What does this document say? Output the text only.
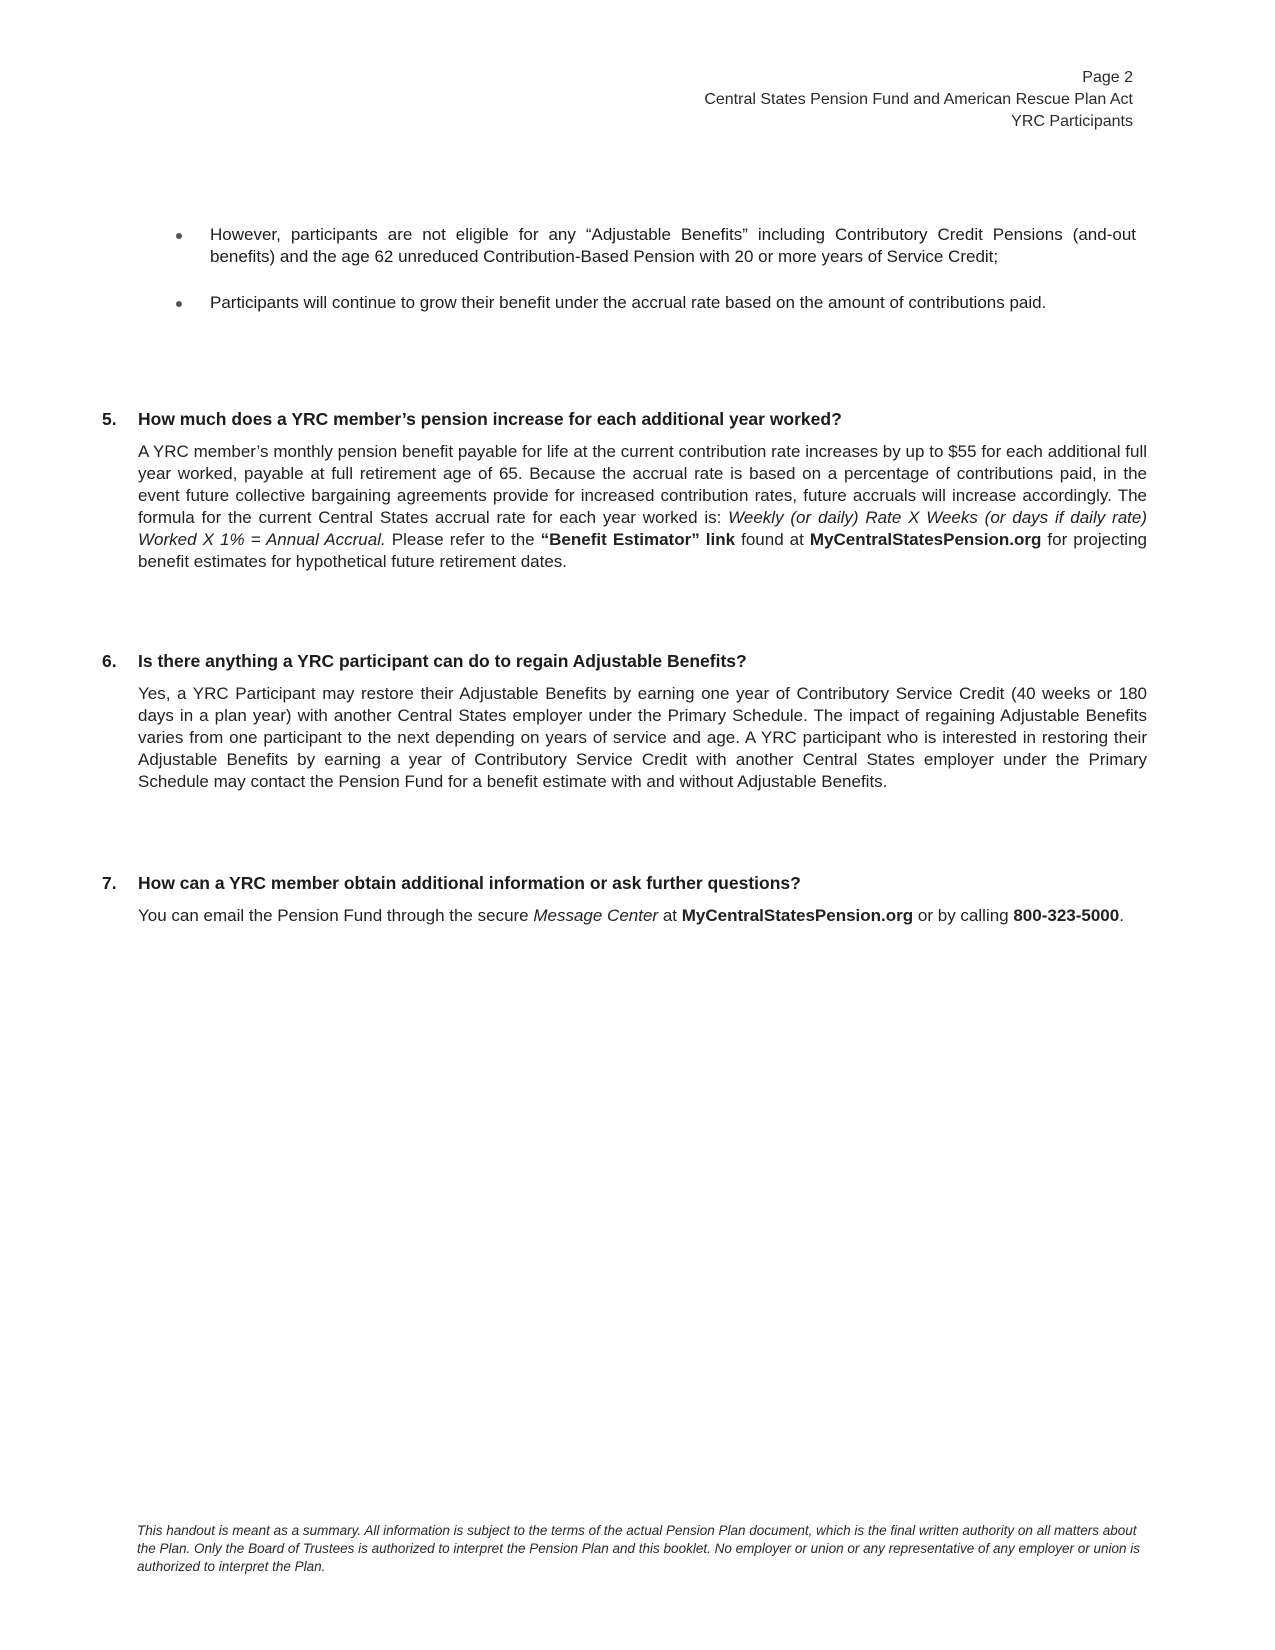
Page 2
Central States Pension Fund and American Rescue Plan Act
YRC Participants
However, participants are not eligible for any “Adjustable Benefits” including Contributory Credit Pensions (and-out benefits) and the age 62 unreduced Contribution-Based Pension with 20 or more years of Service Credit;
Participants will continue to grow their benefit under the accrual rate based on the amount of contributions paid.
5.	How much does a YRC member’s pension increase for each additional year worked?
A YRC member’s monthly pension benefit payable for life at the current contribution rate increases by up to $55 for each additional full year worked, payable at full retirement age of 65. Because the accrual rate is based on a percentage of contributions paid, in the event future collective bargaining agreements provide for increased contribution rates, future accruals will increase accordingly. The formula for the current Central States accrual rate for each year worked is: Weekly (or daily) Rate X Weeks (or days if daily rate) Worked X 1% = Annual Accrual. Please refer to the “Benefit Estimator” link found at MyCentralStatesPension.org for projecting benefit estimates for hypothetical future retirement dates.
6.	Is there anything a YRC participant can do to regain Adjustable Benefits?
Yes, a YRC Participant may restore their Adjustable Benefits by earning one year of Contributory Service Credit (40 weeks or 180 days in a plan year) with another Central States employer under the Primary Schedule. The impact of regaining Adjustable Benefits varies from one participant to the next depending on years of service and age. A YRC participant who is interested in restoring their Adjustable Benefits by earning a year of Contributory Service Credit with another Central States employer under the Primary Schedule may contact the Pension Fund for a benefit estimate with and without Adjustable Benefits.
7.	How can a YRC member obtain additional information or ask further questions?
You can email the Pension Fund through the secure Message Center at MyCentralStatesPension.org or by calling 800-323-5000.
This handout is meant as a summary. All information is subject to the terms of the actual Pension Plan document, which is the final written authority on all matters about the Plan. Only the Board of Trustees is authorized to interpret the Pension Plan and this booklet. No employer or union or any representative of any employer or union is authorized to interpret the Plan.
